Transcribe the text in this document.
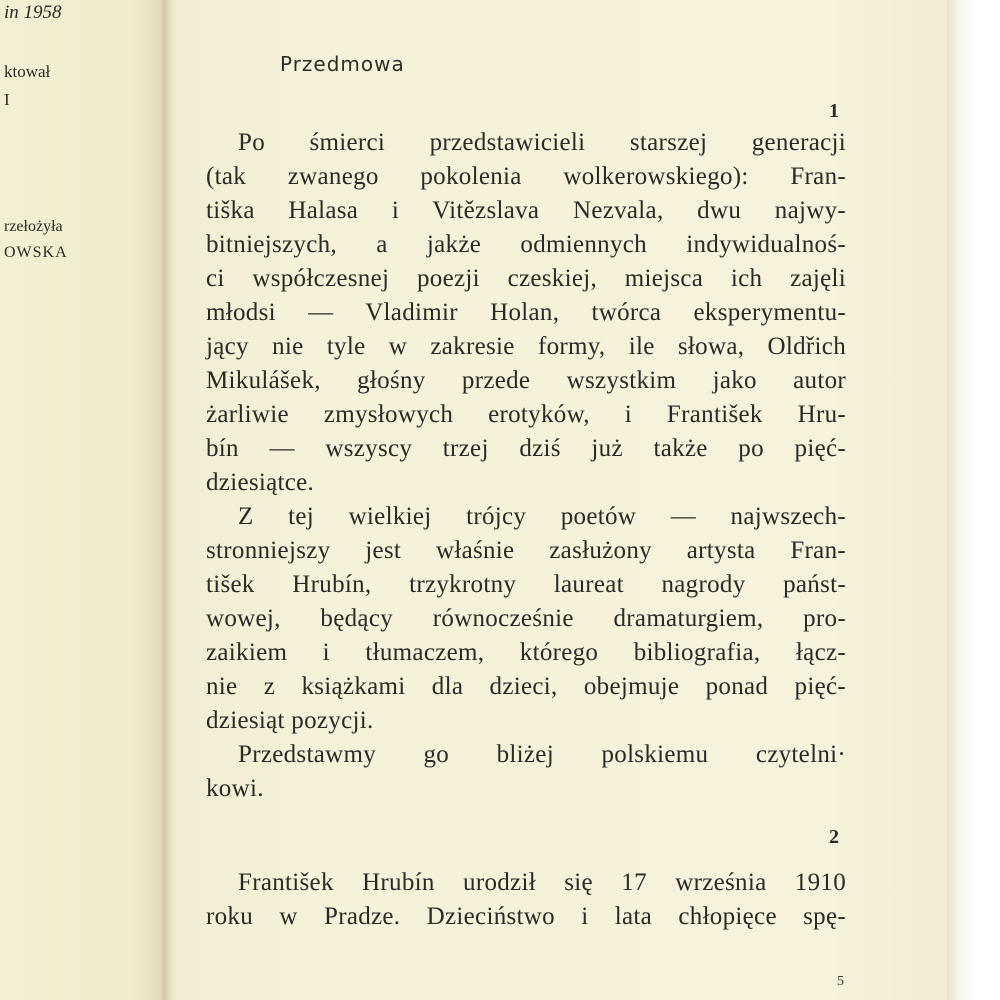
in 1958
ktował
I
rzełożyła
OWSKA
Przedmowa
1
Po śmierci przedstawicieli starszej generacji
(tak zwanego pokolenia wolkerowskiego): Fran-
tiška Halasa i Vitězslava Nezvala, dwu najwy-
bitniejszych, a jakże odmiennych indywidualnoś-
ci współczesnej poezji czeskiej, miejsca ich zajęli
młodsi — Vladimir Holan, twórca eksperymentu-
jący nie tyle w zakresie formy, ile słowa, Oldřich
Mikulášek, głośny przede wszystkim jako autor
żarliwie zmysłowych erotyków, i František Hru-
bín — wszyscy trzej dziś już także po pięć-
dziesiątce.
Z tej wielkiej trójcy poetów — najwszech-
stronniejszy jest właśnie zasłużony artysta Fran-
tišek Hrubín, trzykrotny laureat nagrody państ-
wowej, będący równocześnie dramaturgiem, pro-
zaikiem i tłumaczem, którego bibliografia, łącz-
nie z książkami dla dzieci, obejmuje ponad pięć-
dziesiąt pozycji.
Przedstawmy go bliżej polskiemu czytelni·
kowi.
2
František Hrubín urodził się 17 września 1910
roku w Pradze. Dzieciństwo i lata chłopięce spę-
5
